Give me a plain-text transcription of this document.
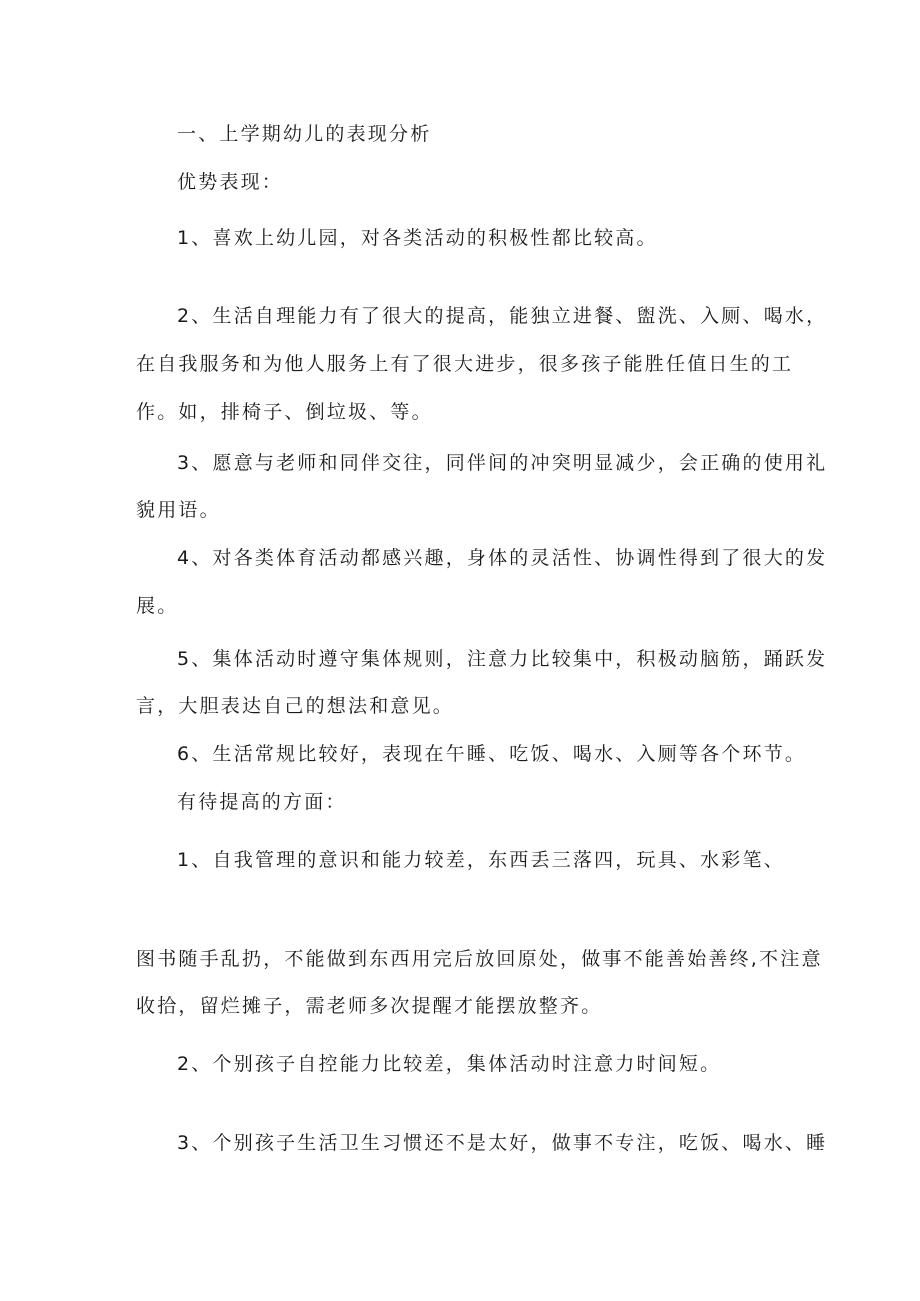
一、上学期幼儿的表现分析
优势表现：
1、喜欢上幼儿园，对各类活动的积极性都比较高。
2、生活自理能力有了很大的提高，能独立进餐、盥洗、入厕、喝水，
在自我服务和为他人服务上有了很大进步，很多孩子能胜任值日生的工
作。如，排椅子、倒垃圾、等。
3、愿意与老师和同伴交往，同伴间的冲突明显减少，会正确的使用礼
貌用语。
4、对各类体育活动都感兴趣，身体的灵活性、协调性得到了很大的发
展。
5、集体活动时遵守集体规则，注意力比较集中，积极动脑筋，踊跃发
言，大胆表达自己的想法和意见。
6、生活常规比较好，表现在午睡、吃饭、喝水、入厕等各个环节。
有待提高的方面：
1、自我管理的意识和能力较差，东西丢三落四，玩具、水彩笔、
图书随手乱扔，不能做到东西用完后放回原处，做事不能善始善终,不注意
收拾，留烂摊子，需老师多次提醒才能摆放整齐。
2、个别孩子自控能力比较差，集体活动时注意力时间短。
3、个别孩子生活卫生习惯还不是太好，做事不专注，吃饭、喝水、睡
